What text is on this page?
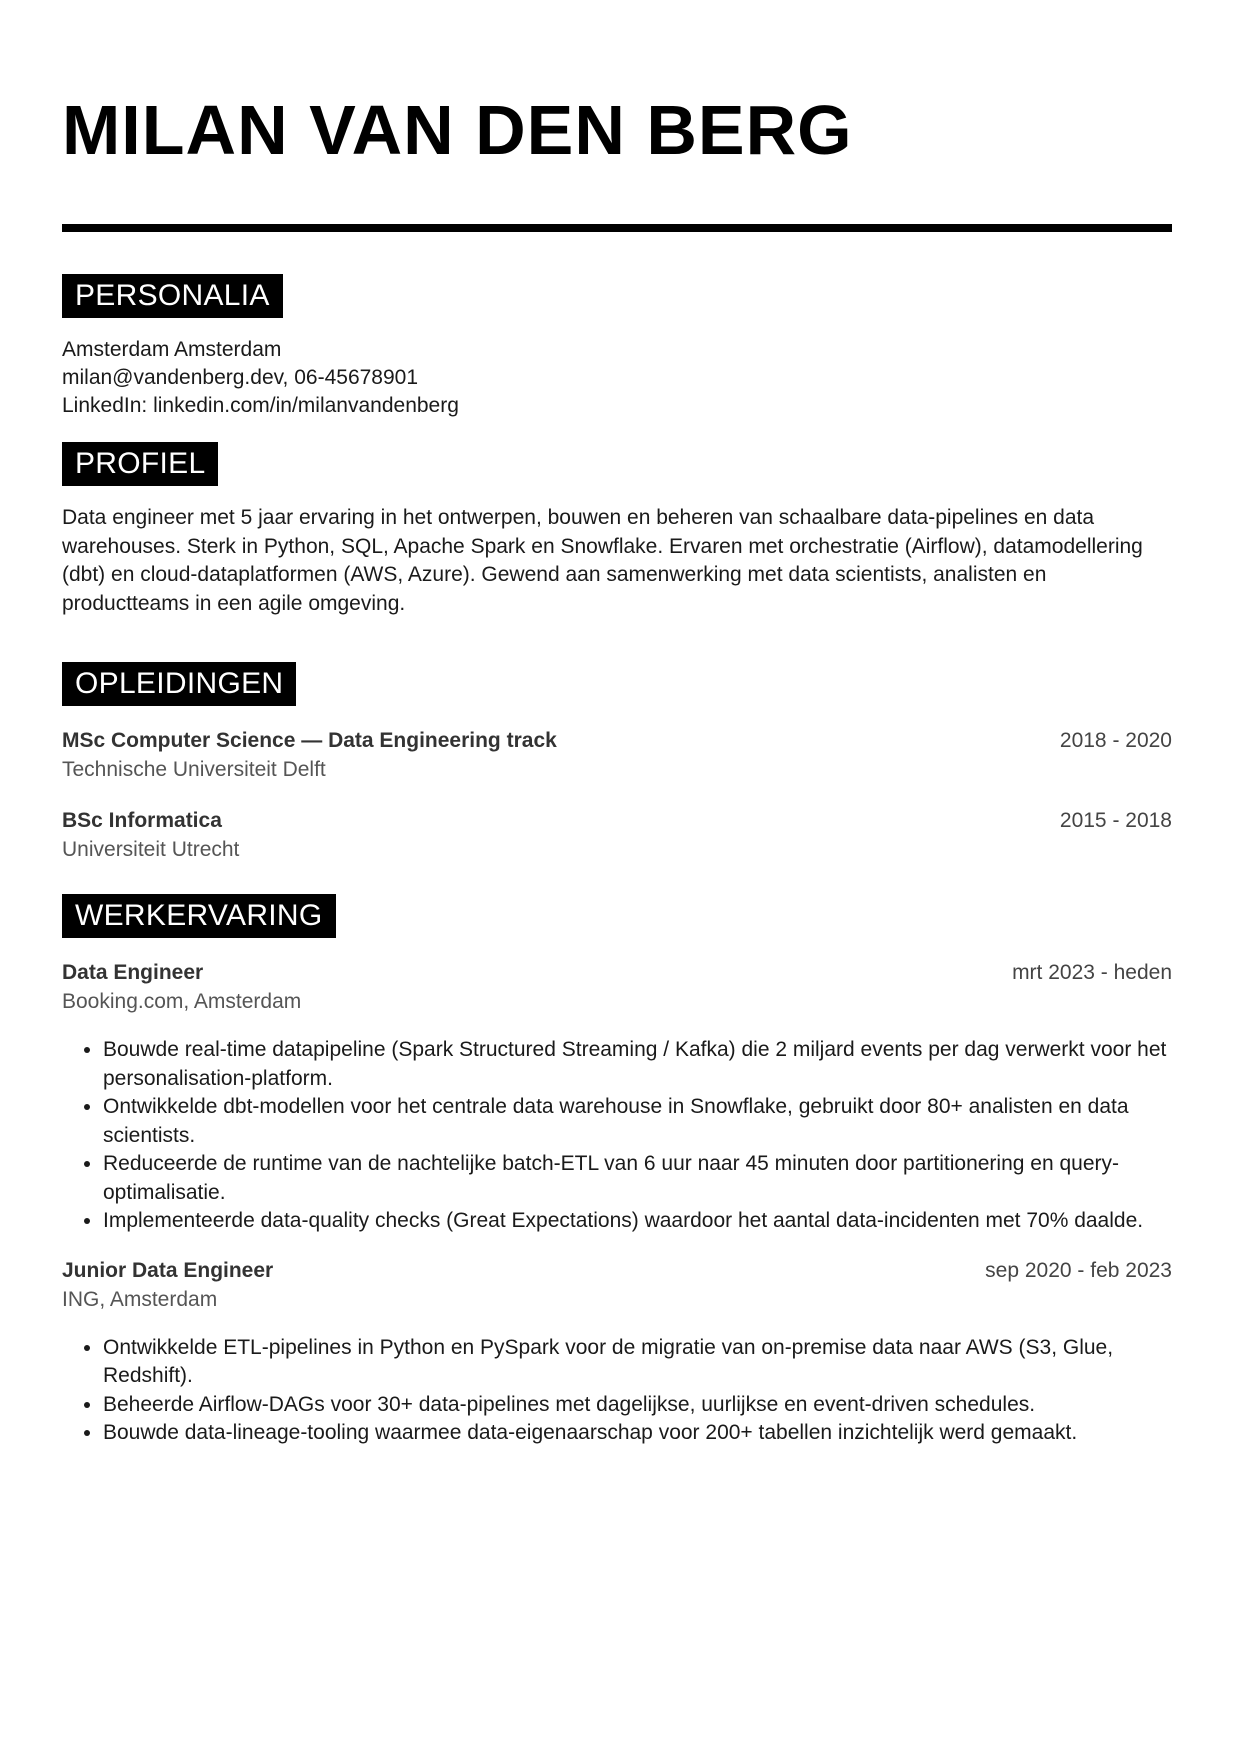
MILAN VAN DEN BERG
PERSONALIA
Amsterdam Amsterdam
milan@vandenberg.dev, 06-45678901
LinkedIn: linkedin.com/in/milanvandenberg
PROFIEL

Data engineer met 5 jaar ervaring in het ontwerpen, bouwen en beheren van schaalbare data-pipelines en data warehouses. Sterk in Python, SQL, Apache Spark en Snowflake. Ervaren met orchestratie (Airflow), datamodellering (dbt) en cloud-dataplatformen (AWS, Azure). Gewend aan samenwerking met data scientists, analisten en productteams in een agile omgeving.

OPLEIDINGEN
MSc Computer Science — Data Engineering track	2018 - 2020
Technische Universiteit Delft
BSc Informatica	2015 - 2018
Universiteit Utrecht
WERKERVARING
Data Engineer	mrt 2023 - heden
Booking.com, Amsterdam
• Bouwde real-time datapipeline (Spark Structured Streaming / Kafka) die 2 miljard events per dag verwerkt voor het personalisation-platform.
• Ontwikkelde dbt-modellen voor het centrale data warehouse in Snowflake, gebruikt door 80+ analisten en data scientists.
• Reduceerde de runtime van de nachtelijke batch-ETL van 6 uur naar 45 minuten door partitionering en query-optimalisatie.
• Implementeerde data-quality checks (Great Expectations) waardoor het aantal data-incidenten met 70% daalde.
Junior Data Engineer	sep 2020 - feb 2023
ING, Amsterdam
• Ontwikkelde ETL-pipelines in Python en PySpark voor de migratie van on-premise data naar AWS (S3, Glue, Redshift).
• Beheerde Airflow-DAGs voor 30+ data-pipelines met dagelijkse, uurlijkse en event-driven schedules.
• Bouwde data-lineage-tooling waarmee data-eigenaarschap voor 200+ tabellen inzichtelijk werd gemaakt.
